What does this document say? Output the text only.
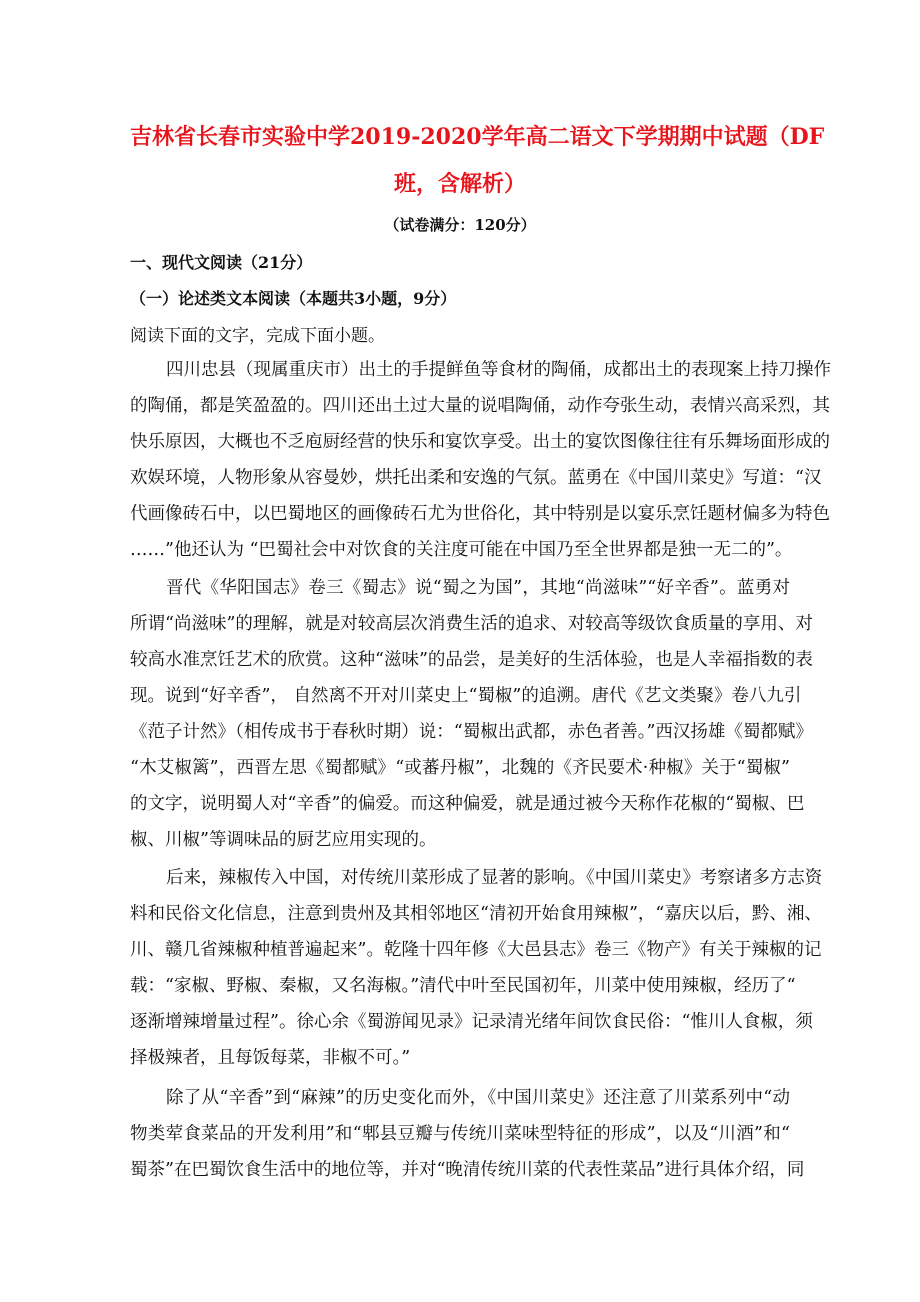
吉林省长春市实验中学2019-2020学年高二语文下学期期中试题（DF
班，含解析）
（试卷满分：120分）
一、现代文阅读（21分）
（一）论述类文本阅读（本题共3小题，9分）
阅读下面的文字，完成下面小题。
四川忠县（现属重庆市）出土的手提鲜鱼等食材的陶俑，成都出土的表现案上持刀操作
的陶俑，都是笑盈盈的。四川还出土过大量的说唱陶俑，动作夸张生动，表情兴高采烈，其
快乐原因，大概也不乏庖厨经营的快乐和宴饮享受。出土的宴饮图像往往有乐舞场面形成的
欢娱环境，人物形象从容曼妙，烘托出柔和安逸的气氛。蓝勇在《中国川菜史》写道：“汉
代画像砖石中，以巴蜀地区的画像砖石尤为世俗化，其中特别是以宴乐烹饪题材偏多为特色
……”他还认为 “巴蜀社会中对饮食的关注度可能在中国乃至全世界都是独一无二的”。
晋代《华阳国志》卷三《蜀志》说“蜀之为国”，其地“尚滋味”“好辛香”。蓝勇对
所谓“尚滋味”的理解，就是对较高层次消费生活的追求、对较高等级饮食质量的享用、对
较高水准烹饪艺术的欣赏。这种“滋味”的品尝，是美好的生活体验，也是人幸福指数的表
现。说到“好辛香”， 自然离不开对川菜史上“蜀椒”的追溯。唐代《艺文类聚》卷八九引
《范子计然》（相传成书于春秋时期）说：“蜀椒出武都，赤色者善。”西汉扬雄《蜀都赋》
“木艾椒篱”，西晋左思《蜀都赋》“或蕃丹椒”，北魏的《齐民要术·种椒》关于“蜀椒”
的文字，说明蜀人对“辛香”的偏爱。而这种偏爱，就是通过被今天称作花椒的“蜀椒、巴
椒、川椒”等调味品的厨艺应用实现的。
后来，辣椒传入中国，对传统川菜形成了显著的影响。《中国川菜史》考察诸多方志资
料和民俗文化信息，注意到贵州及其相邻地区“清初开始食用辣椒”，“嘉庆以后，黔、湘、
川、赣几省辣椒种植普遍起来”。乾隆十四年修《大邑县志》卷三《物产》有关于辣椒的记
载：“家椒、野椒、秦椒，又名海椒。”清代中叶至民国初年，川菜中使用辣椒，经历了“
逐渐增辣增量过程”。徐心余《蜀游闻见录》记录清光绪年间饮食民俗：“惟川人食椒，须
择极辣者，且每饭每菜，非椒不可。”
除了从“辛香”到“麻辣”的历史变化而外，《中国川菜史》还注意了川菜系列中“动
物类荤食菜品的开发利用”和“郫县豆瓣与传统川菜味型特征的形成”，以及“川酒”和“
蜀茶”在巴蜀饮食生活中的地位等，并对“晚清传统川菜的代表性菜品”进行具体介绍，同
